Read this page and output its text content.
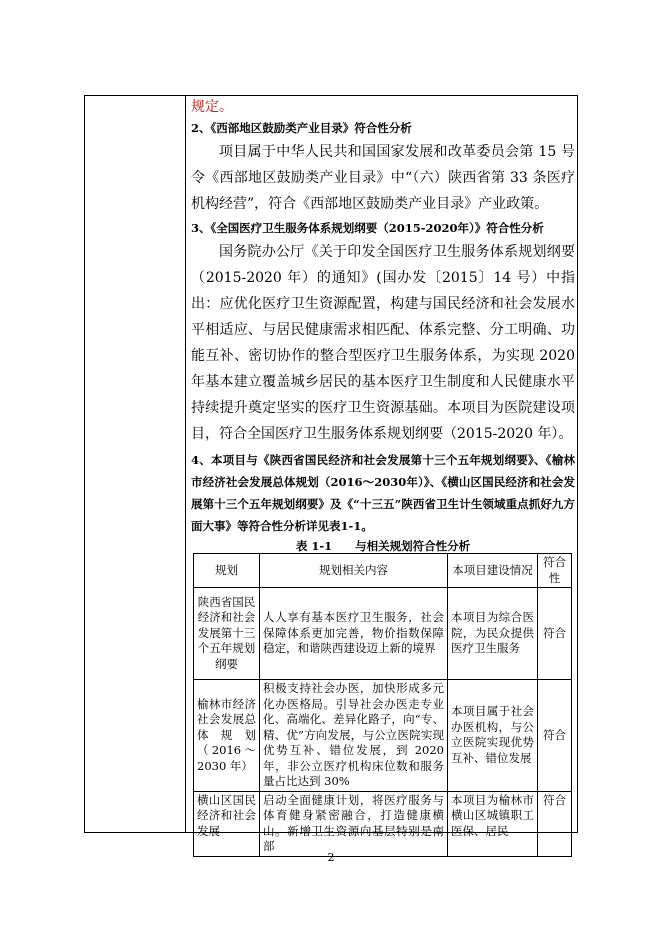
规定。
2、《西部地区鼓励类产业目录》符合性分析
项目属于中华人民共和国国家发展和改革委员会第 15 号令《西部地区鼓励类产业目录》中“（六）陕西省第 33 条医疗机构经营”，符合《西部地区鼓励类产业目录》产业政策。
3、《全国医疗卫生服务体系规划纲要（2015-2020年）》符合性分析
国务院办公厅《关于印发全国医疗卫生服务体系规划纲要（2015-2020 年）的通知》(国办发〔2015〕14 号）中指出：应优化医疗卫生资源配置，构建与国民经济和社会发展水平相适应、与居民健康需求相匹配、体系完整、分工明确、功能互补、密切协作的整合型医疗卫生服务体系，为实现 2020 年基本建立覆盖城乡居民的基本医疗卫生制度和人民健康水平持续提升奠定坚实的医疗卫生资源基础。本项目为医院建设项目，符合全国医疗卫生服务体系规划纲要（2015-2020 年）。
4、本项目与《陕西省国民经济和社会发展第十三个五年规划纲要》、《榆林市经济社会发展总体规划（2016～2030年）》、《横山区国民经济和社会发展第十三个五年规划纲要》及《“十三五”陕西省卫生计生领域重点抓好九方面大事》等符合性分析详见表1-1。
表 1-1　　与相关规划符合性分析
规划	规划相关内容	本项目建设情况	符合性
陕西省国民经济和社会发展第十三个五年规划纲要	人人享有基本医疗卫生服务，社会保障体系更加完善，物价指数保障稳定，和谐陕西建设迈上新的境界	本项目为综合医院，为民众提供医疗卫生服务	符合
榆林市经济社会发展总体规划（2016～2030 年）	积极支持社会办医，加快形成多元化办医格局。引导社会办医走专业化、高端化、差异化路子，向“专、精、优”方向发展，与公立医院实现优势互补、错位发展，到 2020 年，非公立医疗机构床位数和服务量占比达到 30%	本项目属于社会办医机构，与公立医院实现优势互补、错位发展	符合
横山区国民经济和社会发展	启动全面健康计划，将医疗服务与体育健身紧密融合，打造健康横山。新增卫生资源向基层特别是南部	本项目为榆林市横山区城镇职工医保、居民	符合
2
